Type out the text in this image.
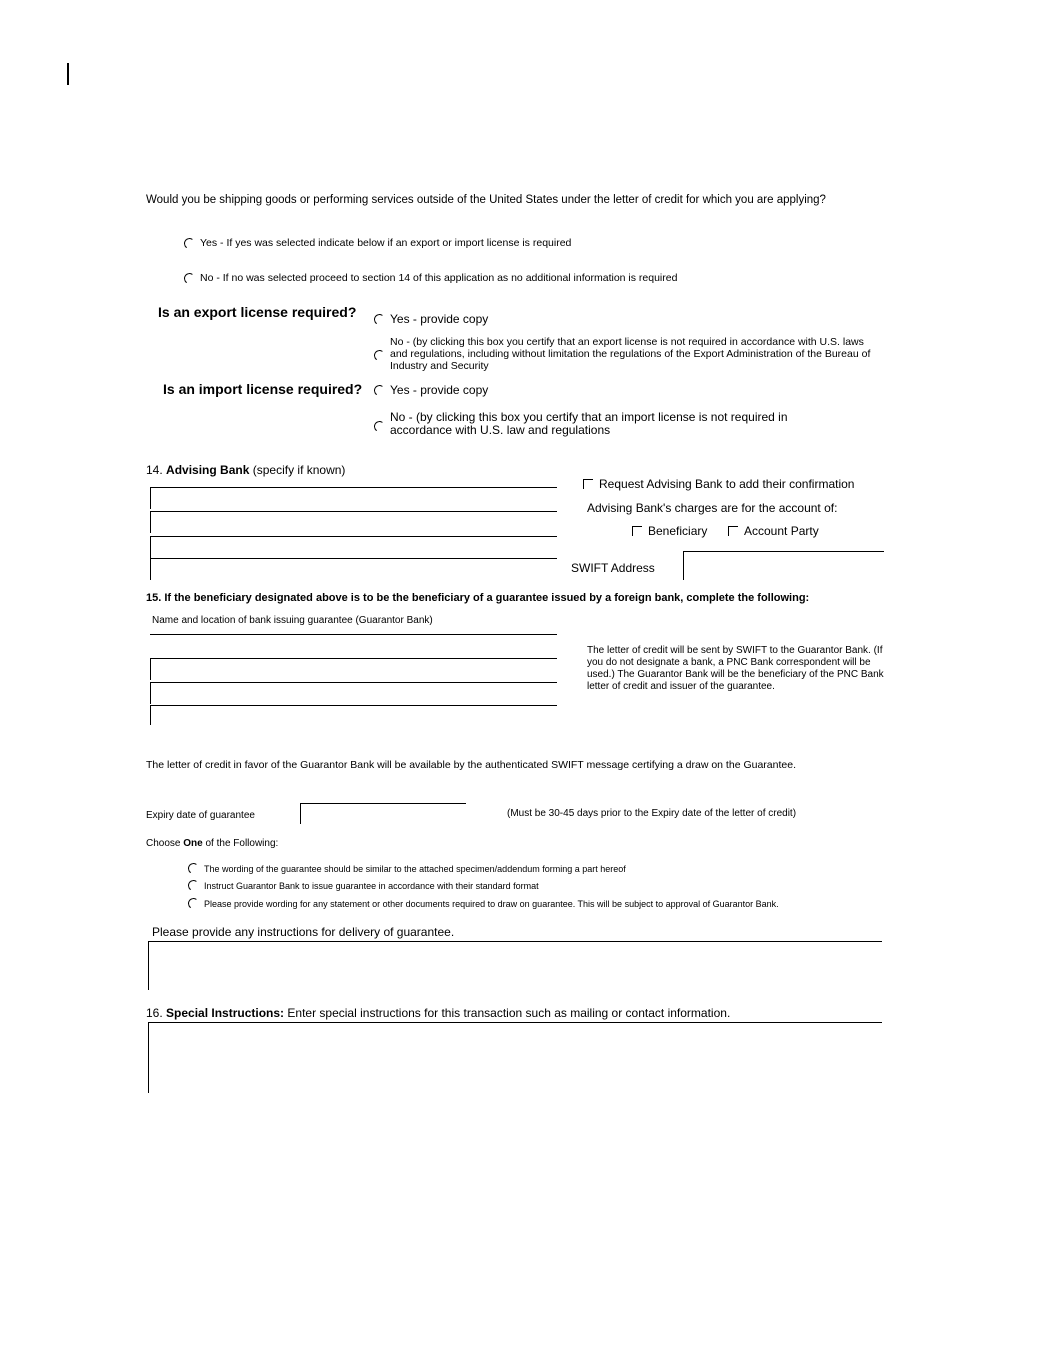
Would you be shipping goods or performing services outside of the United States under the letter of credit for which you are applying?
Yes - If yes was selected indicate below if an export or import license is required
No - If no was selected proceed to section 14 of this application as no additional information is required
Is an export license required?	Yes - provide copy
No - (by clicking this box you certify that an export license is not required in accordance with U.S. laws and regulations, including without limitation the regulations of the Export Administration of the Bureau of Industry and Security
Is an import license required? Yes - provide copy
No - (by clicking this box you certify that an import license is not required in accordance with U.S. law and regulations
14. Advising Bank (specify if known)
Request Advising Bank to add their confirmation
Advising Bank's charges are for the account of:
Beneficiary	Account Party
SWIFT Address
15. If the beneficiary designated above is to be the beneficiary of a guarantee issued by a foreign bank, complete the following:
Name and location of bank issuing guarantee (Guarantor Bank)
The letter of credit will be sent by SWIFT to the Guarantor Bank. (If you do not designate a bank, a PNC Bank correspondent will be used.) The Guarantor Bank will be the beneficiary of the PNC Bank letter of credit and issuer of the guarantee.
The letter of credit in favor of the Guarantor Bank will be available by the authenticated SWIFT message certifying a draw on the Guarantee.
Expiry date of guarantee	(Must be 30-45 days prior to the Expiry date of the letter of credit)
Choose One of the Following:
The wording of the guarantee should be similar to the attached specimen/addendum forming a part hereof
Instruct Guarantor Bank to issue guarantee in accordance with their standard format
Please provide wording for any statement or other documents required to draw on guarantee. This will be subject to approval of Guarantor Bank.
Please provide any instructions for delivery of guarantee.
16. Special Instructions: Enter special instructions for this transaction such as mailing or contact information.
